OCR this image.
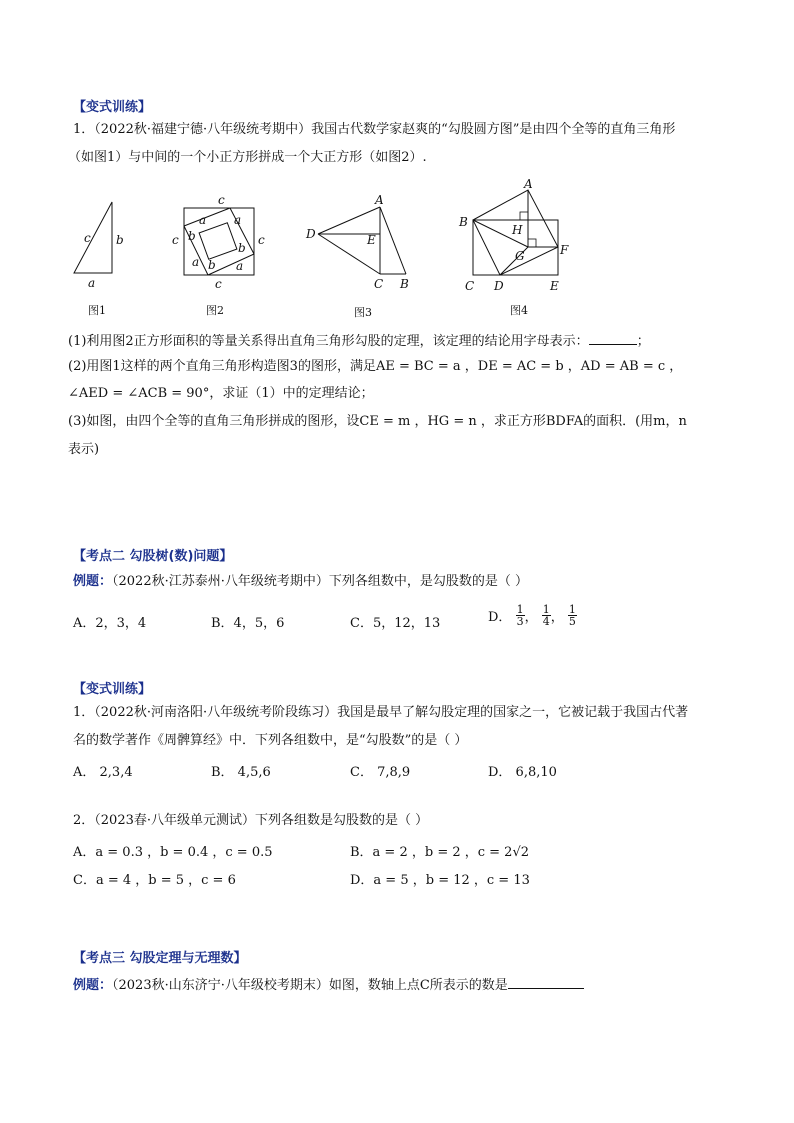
【变式训练】
1．（2022秋·福建宁德·八年级统考期中）我国古代数学家赵爽的“勾股圆方图”是由四个全等的直角三角形
（如图1）与中间的一个小正方形拼成一个大正方形（如图2）.
c b
a
c
a a
b
c
b
c
a b a
c
D
A
E
C B
A
B
H
G	F
C D	E
图1	图2	图3	图4
(1)利用图2正方形面积的等量关系得出直角三角形勾股的定理，该定理的结论用字母表示：	；
(2)用图1这样的两个直角三角形构造图3的图形，满足AE = BC = a ，DE = AC = b ，AD = AB = c ，
∠AED = ∠ACB = 90°，求证（1）中的定理结论；
(3)如图，由四个全等的直角三角形拼成的图形，设CE = m ，HG = n ，求正方形BDFA的面积．(用m，n
表示)
【考点二 勾股树(数)问题】
例题：（2022秋·江苏泰州·八年级统考期中）下列各组数中，是勾股数的是（ ）
A．2，3，4	B．4，5，6	C．5，12，13	D． $\frac{1}{3}$ ， $\frac{1}{4}$ ， $\frac{1}{5}$
【变式训练】
1．（2022秋·河南洛阳·八年级统考阶段练习）我国是最早了解勾股定理的国家之一，它被记载于我国古代著
名的数学著作《周髀算经》中．下列各组数中，是“勾股数”的是（ ）
A． 2,3,4	B． 4,5,6	C． 7,8,9	D． 6,8,10
2．（2023春·八年级单元测试）下列各组数是勾股数的是（ ）
A．a = 0.3 ，b = 0.4 ，c = 0.5	B．a = 2 ，b = 2 ，c = 2√2
C．a = 4 ，b = 5 ，c = 6	D．a = 5 ，b = 12 ，c = 13
【考点三 勾股定理与无理数】
例题：（2023秋·山东济宁·八年级校考期末）如图，数轴上点C所表示的数是
